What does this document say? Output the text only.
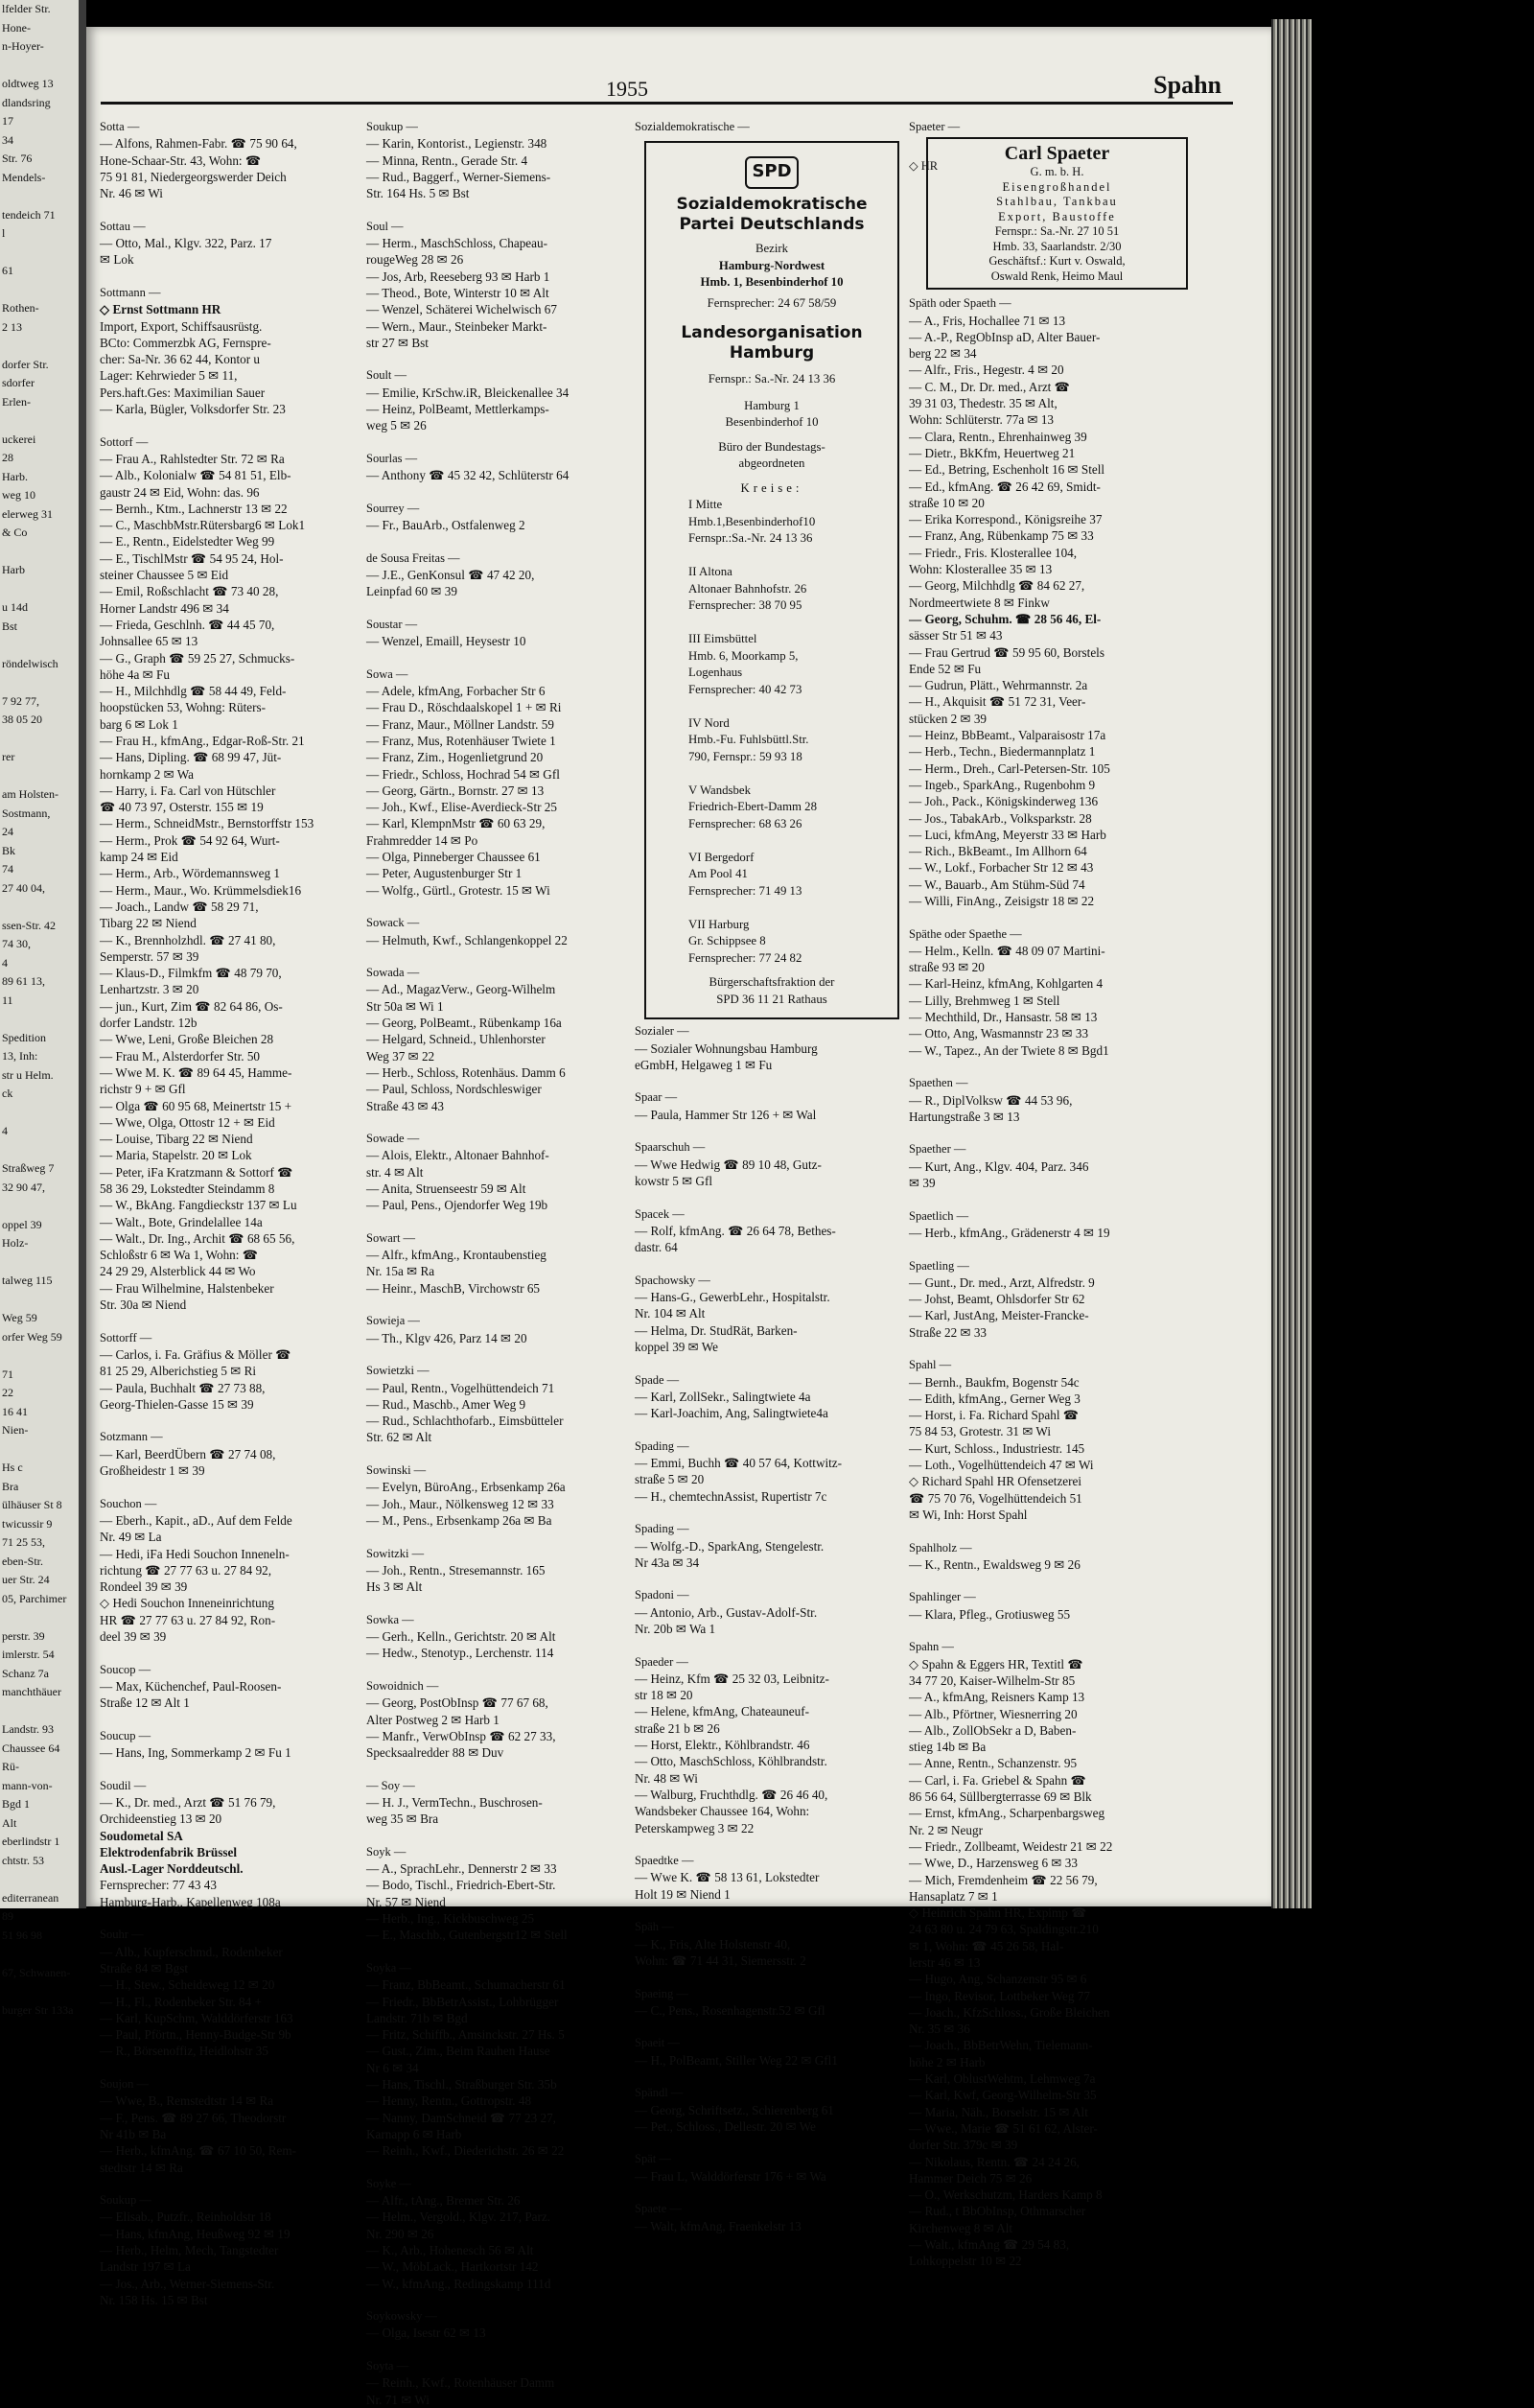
lfelder Str.
Hone-
n-Hoyer-

oldtweg 13
dlandsring
17
34
Str. 76
Mendels-

tendeich 71
l

61

Rothen-
2 13

dorfer Str.
sdorfer
Erlen-

uckerei
28
Harb.
weg 10
elerweg 31
& Co

Harb

u 14d
Bst

röndelwisch

7 92 77,
38 05 20

rer

am Holsten-
Sostmann,
24
Bk
74
27 40 04,

ssen-Str. 42
74 30,
4
89 61 13,
11

Spedition
13, Inh:
str u Helm.
ck

4

Straßweg 7
32 90 47,

oppel 39
Holz-

talweg 115

Weg 59
orfer Weg 59

71
22
16 41
Nien-

Hs c
Bra
ülhäuser St 8
twicussir 9
71 25 53,
eben-Str.
uer Str. 24
05, Parchimer

perstr. 39
imlerstr. 54
Schanz 7a
manchthäuer

Landstr. 93
Chaussee 64
Rü-
mann-von-
Bgd 1
Alt
eberlindstr 1
chtstr. 53

editerranean
89
51 96 98

67, Schwanen-

burger Str 133a
1955	Spahn
Sotta —
— Alfons, Rahmen-Fabr. ☎ 75 90 64,
Hone-Schaar-Str. 43, Wohn: ☎
75 91 81, Niedergeorgswerder Deich
Nr. 46 ✉ Wi

Sottau —
— Otto, Mal., Klgv. 322, Parz. 17
✉ Lok

Sottmann —
◇ Ernst Sottmann HR
Import, Export, Schiffsausrüstg.
BCto: Commerzbk AG, Fernspre-
cher: Sa-Nr. 36 62 44, Kontor u
Lager: Kehrwieder 5 ✉ 11,
Pers.haft.Ges: Maximilian Sauer
— Karla, Bügler, Volksdorfer Str. 23

Sottorf —
— Frau A., Rahlstedter Str. 72 ✉ Ra
— Alb., Kolonialw ☎ 54 81 51, Elb-
gaustr 24 ✉ Eid, Wohn: das. 96
— Bernh., Ktm., Lachnerstr 13 ✉ 22
— C., MaschbMstr.Rütersbarg6 ✉ Lok1
— E., Rentn., Eidelstedter Weg 99
— E., TischlMstr ☎ 54 95 24, Hol-
steiner Chaussee 5 ✉ Eid
— Emil, Roßschlacht ☎ 73 40 28,
Horner Landstr 496 ✉ 34
— Frieda, Geschlnh. ☎ 44 45 70,
Johnsallee 65 ✉ 13
— G., Graph ☎ 59 25 27, Schmucks-
höhe 4a ✉ Fu
— H., Milchhdlg ☎ 58 44 49, Feld-
hoopstücken 53, Wohng: Rüters-
barg 6 ✉ Lok 1
— Frau H., kfmAng., Edgar-Roß-Str. 21
— Hans, Dipling. ☎ 68 99 47, Jüt-
hornkamp 2 ✉ Wa
— Harry, i. Fa. Carl von Hütschler
☎ 40 73 97, Osterstr. 155 ✉ 19
— Herm., SchneidMstr., Bernstorffstr 153
— Herm., Prok ☎ 54 92 64, Wurt-
kamp 24 ✉ Eid
— Herm., Arb., Wördemannsweg 1
— Herm., Maur., Wo. Krümmelsdiek16
— Joach., Landw ☎ 58 29 71,
Tibarg 22 ✉ Niend
— K., Brennholzhdl. ☎ 27 41 80,
Semperstr. 57 ✉ 39
— Klaus-D., Filmkfm ☎ 48 79 70,
Lenhartzstr. 3 ✉ 20
— jun., Kurt, Zim ☎ 82 64 86, Os-
dorfer Landstr. 12b
— Wwe, Leni, Große Bleichen 28
— Frau M., Alsterdorfer Str. 50
— Wwe M. K. ☎ 89 64 45, Hamme-
richstr 9 + ✉ Gfl
— Olga ☎ 60 95 68, Meinertstr 15 +
— Wwe, Olga, Ottostr 12 + ✉ Eid
— Louise, Tibarg 22 ✉ Niend
— Maria, Stapelstr. 20 ✉ Lok
— Peter, iFa Kratzmann & Sottorf ☎
58 36 29, Lokstedter Steindamm 8
— W., BkAng. Fangdieckstr 137 ✉ Lu
— Walt., Bote, Grindelallee 14a
— Walt., Dr. Ing., Archit ☎ 68 65 56,
Schloßstr 6 ✉ Wa 1, Wohn: ☎
24 29 29, Alsterblick 44 ✉ Wo
— Frau Wilhelmine, Halstenbeker
Str. 30a ✉ Niend

Sottorff —
— Carlos, i. Fa. Gräfius & Möller ☎
81 25 29, Alberichstieg 5 ✉ Ri
— Paula, Buchhalt ☎ 27 73 88,
Georg-Thielen-Gasse 15 ✉ 39

Sotzmann —
— Karl, BeerdÜbern ☎ 27 74 08,
Großheidestr 1 ✉ 39

Souchon —
— Eberh., Kapit., aD., Auf dem Felde
Nr. 49 ✉ La
— Hedi, iFa Hedi Souchon Inneneln-
richtung ☎ 27 77 63 u. 27 84 92,
Rondeel 39 ✉ 39
◇ Hedi Souchon Inneneinrichtung
HR ☎ 27 77 63 u. 27 84 92, Ron-
deel 39 ✉ 39

Soucop —
— Max, Küchenchef, Paul-Roosen-
Straße 12 ✉ Alt 1

Soucup —
— Hans, Ing, Sommerkamp 2 ✉ Fu 1

Soudil —
— K., Dr. med., Arzt ☎ 51 76 79,
Orchideenstieg 13 ✉ 20
Soudometal SA
Elektrodenfabrik Brüssel
Ausl.-Lager Norddeutschl.
Fernsprecher: 77 43 43
Hamburg-Harb., Kapellenweg 108a

Souhr —
— Alb., Kupferschmd., Rodenbeker
Straße 84 ✉ Bgst
— H., Stew., Scheideweg 12 ✉ 20
— H., Fl., Rodenbeker Str. 84 +
— Karl, KupSchm, Walddörferstr 163
— Paul, Pförtn., Henny-Budge-Str 9b
— R., Börsenoffiz, Heidlohstr 35

Soujon —
— Wwe, B., Remstedtstr 14 ✉ Ra
— F., Pens. ☎ 89 27 66, Theodorstr
Nr 41b ✉ Ba
— Herb., kfmAng. ☎ 67 10 50, Rem-
stedtstr 14 ✉ Ra

Soukup —
— Elisab., Putzfr., Reinholdstr 18
— Hans, kfmAng, Heußweg 92 ✉ 19
— Herb., Helm, Mech, Tangstedter
Landstr 197 ✉ La
— Jos., Arb., Werner-Siemens-Str.
Nr. 158 Hs. 15 ✉ Bst
Soukup —
— Karin, Kontorist., Legienstr. 348
— Minna, Rentn., Gerade Str. 4
— Rud., Baggerf., Werner-Siemens-
Str. 164 Hs. 5 ✉ Bst

Soul —
— Herm., MaschSchloss, Chapeau-
rougeWeg 28 ✉ 26
— Jos, Arb, Reeseberg 93 ✉ Harb 1
— Theod., Bote, Winterstr 10 ✉ Alt
— Wenzel, Schäterei Wichelwisch 67
— Wern., Maur., Steinbeker Markt-
str 27 ✉ Bst

Soult —
— Emilie, KrSchw.iR, Bleickenallee 34
— Heinz, PolBeamt, Mettlerkamps-
weg 5 ✉ 26

Sourlas —
— Anthony ☎ 45 32 42, Schlüterstr 64

Sourrey —
— Fr., BauArb., Ostfalenweg 2

de Sousa Freitas —
— J.E., GenKonsul ☎ 47 42 20,
Leinpfad 60 ✉ 39

Soustar —
— Wenzel, Emaill, Heysestr 10

Sowa —
— Adele, kfmAng, Forbacher Str 6
— Frau D., Röschdaalskopel 1 + ✉ Ri
— Franz, Maur., Möllner Landstr. 59
— Franz, Mus, Rotenhäuser Twiete 1
— Franz, Zim., Hogenlietgrund 20
— Friedr., Schloss, Hochrad 54 ✉ Gfl
— Georg, Gärtn., Bornstr. 27 ✉ 13
— Joh., Kwf., Elise-Averdieck-Str 25
— Karl, KlempnMstr ☎ 60 63 29,
Frahmredder 14 ✉ Po
— Olga, Pinneberger Chaussee 61
— Peter, Augustenburger Str 1
— Wolfg., Gürtl., Grotestr. 15 ✉ Wi

Sowack —
— Helmuth, Kwf., Schlangenkoppel 22

Sowada —
— Ad., MagazVerw., Georg-Wilhelm
Str 50a ✉ Wi 1
— Georg, PolBeamt., Rübenkamp 16a
— Helgard, Schneid., Uhlenhorster
Weg 37 ✉ 22
— Herb., Schloss, Rotenhäus. Damm 6
— Paul, Schloss, Nordschleswiger
Straße 43 ✉ 43

Sowade —
— Alois, Elektr., Altonaer Bahnhof-
str. 4 ✉ Alt
— Anita, Struenseestr 59 ✉ Alt
— Paul, Pens., Ojendorfer Weg 19b

Sowart —
— Alfr., kfmAng., Krontaubenstieg
Nr. 15a ✉ Ra
— Heinr., MaschB, Virchowstr 65

Sowieja —
— Th., Klgv 426, Parz 14 ✉ 20

Sowietzki —
— Paul, Rentn., Vogelhüttendeich 71
— Rud., Maschb., Amer Weg 9
— Rud., Schlachthofarb., Eimsbütteler
Str. 62 ✉ Alt

Sowinski —
— Evelyn, BüroAng., Erbsenkamp 26a
— Joh., Maur., Nölkensweg 12 ✉ 33
— M., Pens., Erbsenkamp 26a ✉ Ba

Sowitzki —
— Joh., Rentn., Stresemannstr. 165
Hs 3 ✉ Alt

Sowka —
— Gerh., Kelln., Gerichtstr. 20 ✉ Alt
— Hedw., Stenotyp., Lerchenstr. 114

Sowoidnich —
— Georg, PostObInsp ☎ 77 67 68,
Alter Postweg 2 ✉ Harb 1
— Manfr., VerwObInsp ☎ 62 27 33,
Specksaalredder 88 ✉ Duv

— Soy —
— H. J., VermTechn., Buschrosen-
weg 35 ✉ Bra

Soyk —
— A., SprachLehr., Dennerstr 2 ✉ 33
— Bodo, Tischl., Friedrich-Ebert-Str.
Nr. 57 ✉ Niend
— Herb., Ing., Kickbuschweg 25
— E., Maschb., Gutenbergstr12 ✉ Stell

Soyka —
— Franz, BbBeamt., Schumacherstr 61
— Friedr., BbBetrAssist., Lohbrügger
Landstr. 71b ✉ Bgd
— Fritz, Schiffb., Amsinckstr. 27 Hs. 5
— Gust., Zim., Beim Rauhen Hause
Nr 6 ✉ 34
— Hans, Tischl., Straßburger Str. 35b
— Henny, Rentn., Gottropstr. 48
— Nanny, DamSchneid ☎ 77 23 27,
Karnapp 6 ✉ Harb
— Reinh., Kwf., Diederichstr. 26 ✉ 22

Soyke —
— Alfr., tAng., Bremer Str. 26
— Helm., Vergold., Klgv. 217, Parz.
Nr. 290 ✉ 26
— K., Arb., Hohenesch 56 ✉ Alt
— W., MöbLack., Hartkortstr 142
— W., kfmAng., Redingskamp 111d

Soykowsky —
— Olga, Isestr 62 ✉ 13

Soyta —
— Reinh., Kwf., Rotenhäuser Damm
Nr. 71 ✉ Wi
Sozialdemokratische —
SPD
Sozialdemokratische
Partei Deutschlands
Bezirk
Hamburg-Nordwest
Hmb. 1, Besenbinderhof 10
Fernsprecher: 24 67 58/59
Landesorganisation
Hamburg
Fernspr.: Sa.-Nr. 24 13 36
Hamburg 1
Besenbinderhof 10
Büro der Bundestags-
abgeordneten
Kreise:
I Mitte
Hmb.1,Besenbinderhof10
Fernspr.:Sa.-Nr. 24 13 36

II Altona
Altonaer Bahnhofstr. 26
Fernsprecher: 38 70 95

III Eimsbüttel
Hmb. 6, Moorkamp 5,
Logenhaus
Fernsprecher: 40 42 73

IV Nord
Hmb.-Fu. Fuhlsbüttl.Str.
790, Fernspr.: 59 93 18

V Wandsbek
Friedrich-Ebert-Damm 28
Fernsprecher: 68 63 26

VI Bergedorf
Am Pool 41
Fernsprecher: 71 49 13

VII Harburg
Gr. Schippsee 8
Fernsprecher: 77 24 82
Bürgerschaftsfraktion der
SPD 36 11 21 Rathaus
Sozialer —
— Sozialer Wohnungsbau Hamburg
eGmbH, Helgaweg 1 ✉ Fu

Spaar —
— Paula, Hammer Str 126 + ✉ Wal

Spaarschuh —
— Wwe Hedwig ☎ 89 10 48, Gutz-
kowstr 5 ✉ Gfl

Spacek —
— Rolf, kfmAng. ☎ 26 64 78, Bethes-
dastr. 64

Spachowsky —
— Hans-G., GewerbLehr., Hospitalstr.
Nr. 104 ✉ Alt
— Helma, Dr. StudRät, Barken-
koppel 39 ✉ We

Spade —
— Karl, ZollSekr., Salingtwiete 4a
— Karl-Joachim, Ang, Salingtwiete4a

Spading —
— Emmi, Buchh ☎ 40 57 64, Kottwitz-
straße 5 ✉ 20
— H., chemtechnAssist, Rupertistr 7c

Spading —
— Wolfg.-D., SparkAng, Stengelestr.
Nr 43a ✉ 34

Spadoni —
— Antonio, Arb., Gustav-Adolf-Str.
Nr. 20b ✉ Wa 1

Spaeder —
— Heinz, Kfm ☎ 25 32 03, Leibnitz-
str 18 ✉ 20
— Helene, kfmAng, Chateauneuf-
straße 21 b ✉ 26
— Horst, Elektr., Köhlbrandstr. 46
— Otto, MaschSchloss, Köhlbrandstr.
Nr. 48 ✉ Wi
— Walburg, Fruchthdlg. ☎ 26 46 40,
Wandsbeker Chaussee 164, Wohn:
Peterskampweg 3 ✉ 22

Spaedtke —
— Wwe K. ☎ 58 13 61, Lokstedter
Holt 19 ✉ Niend 1

Späh —
— K., Fris, Alte Holstenstr 40,
Wohn: ☎ 71 44 31, Siemersstr. 2

Spaeing —
— C., Pens., Rosenhagenstr.52 ✉ Gfl

Spaeit —
— H., PolBeamt, Stiller Weg 22 ✉ Gfl1

Spändl —
— Georg, Schriftsetz., Schierenberg 61
— Pet., Schloss., Dellestr. 20 ✉ We

Spät —
— Frau L, Walddörferstr 176 + ✉ Wa

Spaete —
— Walt, kfmAng, Fraenkelstr 13
Spaeter —
◇ HR
Carl Spaeter
G. m. b. H.
Eisengroßhandel
Stahlbau, Tankbau
Export, Baustoffe
Fernspr.: Sa.-Nr. 27 10 51
Hmb. 33, Saarlandstr. 2/30
Geschäftsf.: Kurt v. Oswald,
Oswald Renk, Heimo Maul
Späth oder Spaeth —
— A., Fris, Hochallee 71 ✉ 13
— A.-P., RegObInsp aD, Alter Bauer-
berg 22 ✉ 34
— Alfr., Fris., Hegestr. 4 ✉ 20
— C. M., Dr. Dr. med., Arzt ☎
39 31 03, Thedestr. 35 ✉ Alt,
Wohn: Schlüterstr. 77a ✉ 13
— Clara, Rentn., Ehrenhainweg 39
— Dietr., BkKfm, Heuertweg 21
— Ed., Betring, Eschenholt 16 ✉ Stell
— Ed., kfmAng. ☎ 26 42 69, Smidt-
straße 10 ✉ 20
— Erika Korrespond., Königsreihe 37
— Franz, Ang, Rübenkamp 75 ✉ 33
— Friedr., Fris. Klosterallee 104,
Wohn: Klosterallee 35 ✉ 13
— Georg, Milchhdlg ☎ 84 62 27,
Nordmeertwiete 8 ✉ Finkw
— Georg, Schuhm. ☎ 28 56 46, El-
sässer Str 51 ✉ 43
— Frau Gertrud ☎ 59 95 60, Borstels
Ende 52 ✉ Fu
— Gudrun, Plätt., Wehrmannstr. 2a
— H., Akquisit ☎ 51 72 31, Veer-
stücken 2 ✉ 39
— Heinz, BbBeamt., Valparaisostr 17a
— Herb., Techn., Biedermannplatz 1
— Herm., Dreh., Carl-Petersen-Str. 105
— Ingeb., SparkAng., Rugenbohm 9
— Joh., Pack., Königskinderweg 136
— Jos., TabakArb., Volksparkstr. 28
— Luci, kfmAng, Meyerstr 33 ✉ Harb
— Rich., BkBeamt., Im Allhorn 64
— W., Lokf., Forbacher Str 12 ✉ 43
— W., Bauarb., Am Stühm-Süd 74
— Willi, FinAng., Zeisigstr 18 ✉ 22

Späthe oder Spaethe —
— Helm., Kelln. ☎ 48 09 07 Martini-
straße 93 ✉ 20
— Karl-Heinz, kfmAng, Kohlgarten 4
— Lilly, Brehmweg 1 ✉ Stell
— Mechthild, Dr., Hansastr. 58 ✉ 13
— Otto, Ang, Wasmannstr 23 ✉ 33
— W., Tapez., An der Twiete 8 ✉ Bgd1

Spaethen —
— R., DiplVolksw ☎ 44 53 96,
Hartungstraße 3 ✉ 13

Spaether —
— Kurt, Ang., Klgv. 404, Parz. 346
✉ 39

Spaetlich —
— Herb., kfmAng., Grädenerstr 4 ✉ 19

Spaetling —
— Gunt., Dr. med., Arzt, Alfredstr. 9
— Johst, Beamt, Ohlsdorfer Str 62
— Karl, JustAng, Meister-Francke-
Straße 22 ✉ 33

Spahl —
— Bernh., Baukfm, Bogenstr 54c
— Edith, kfmAng., Gerner Weg 3
— Horst, i. Fa. Richard Spahl ☎
75 84 53, Grotestr. 31 ✉ Wi
— Kurt, Schloss., Industriestr. 145
— Loth., Vogelhüttendeich 47 ✉ Wi
◇ Richard Spahl HR Ofensetzerei
☎ 75 70 76, Vogelhüttendeich 51
✉ Wi, Inh: Horst Spahl

Spahlholz —
— K., Rentn., Ewaldsweg 9 ✉ 26

Spahlinger —
— Klara, Pfleg., Grotiusweg 55

Spahn —
◇ Spahn & Eggers HR, Textitl ☎
34 77 20, Kaiser-Wilhelm-Str 85
— A., kfmAng, Reisners Kamp 13
— Alb., Pförtner, Wiesnerring 20
— Alb., ZollObSekr a D, Baben-
stieg 14b ✉ Ba
— Anne, Rentn., Schanzenstr. 95
— Carl, i. Fa. Griebel & Spahn ☎
86 56 64, Süllbergterrasse 69 ✉ Blk
— Ernst, kfmAng., Scharpenbargsweg
Nr. 2 ✉ Neugr
— Friedr., Zollbeamt, Weidestr 21 ✉ 22
— Wwe, D., Harzensweg 6 ✉ 33
— Mich, Fremdenheim ☎ 22 56 79,
Hansaplatz 7 ✉ 1
◇ Heinrich Spahn HR, Expimp ☎
24 63 80 u. 24 79 63, Spaldingstr.210
✉ 1, Wohn: ☎ 45 26 58, Hal-
lerstr 46 ✉ 13
— Hugo, Ang, Schanzenstr 95 ✉ 6
— Ingo, Revisor, Lottbeker Weg 77
— Joach., KfzSchloss., Große Bleichen
Nr. 35 ✉ 36
— Joach., BbBetrWehn, Tielemann-
höhe 2 ✉ Harb
— Karl, OblustWehtm, Lehmweg 7a
— Karl, Kwf, Georg-Wilhelm-Str 35
— Maria, Näh., Borselstr. 15 ✉ Alt
— Wwe., Marie ☎ 51 61 62, Alster-
dorfer Str. 379c ✉ 39
— Nikolaus, Rentn. ☎ 24 24 26,
Hammer Deich 75 ✉ 26
— O., Werkschutzm, Harders Kamp 8
— Rud., t BbObInsp, Othmarscher
Kirchenweg 8 ✉ Alt
— Walt., kfmAng ☎ 29 54 83,
Lohkoppelstr 10 ✉ 22
